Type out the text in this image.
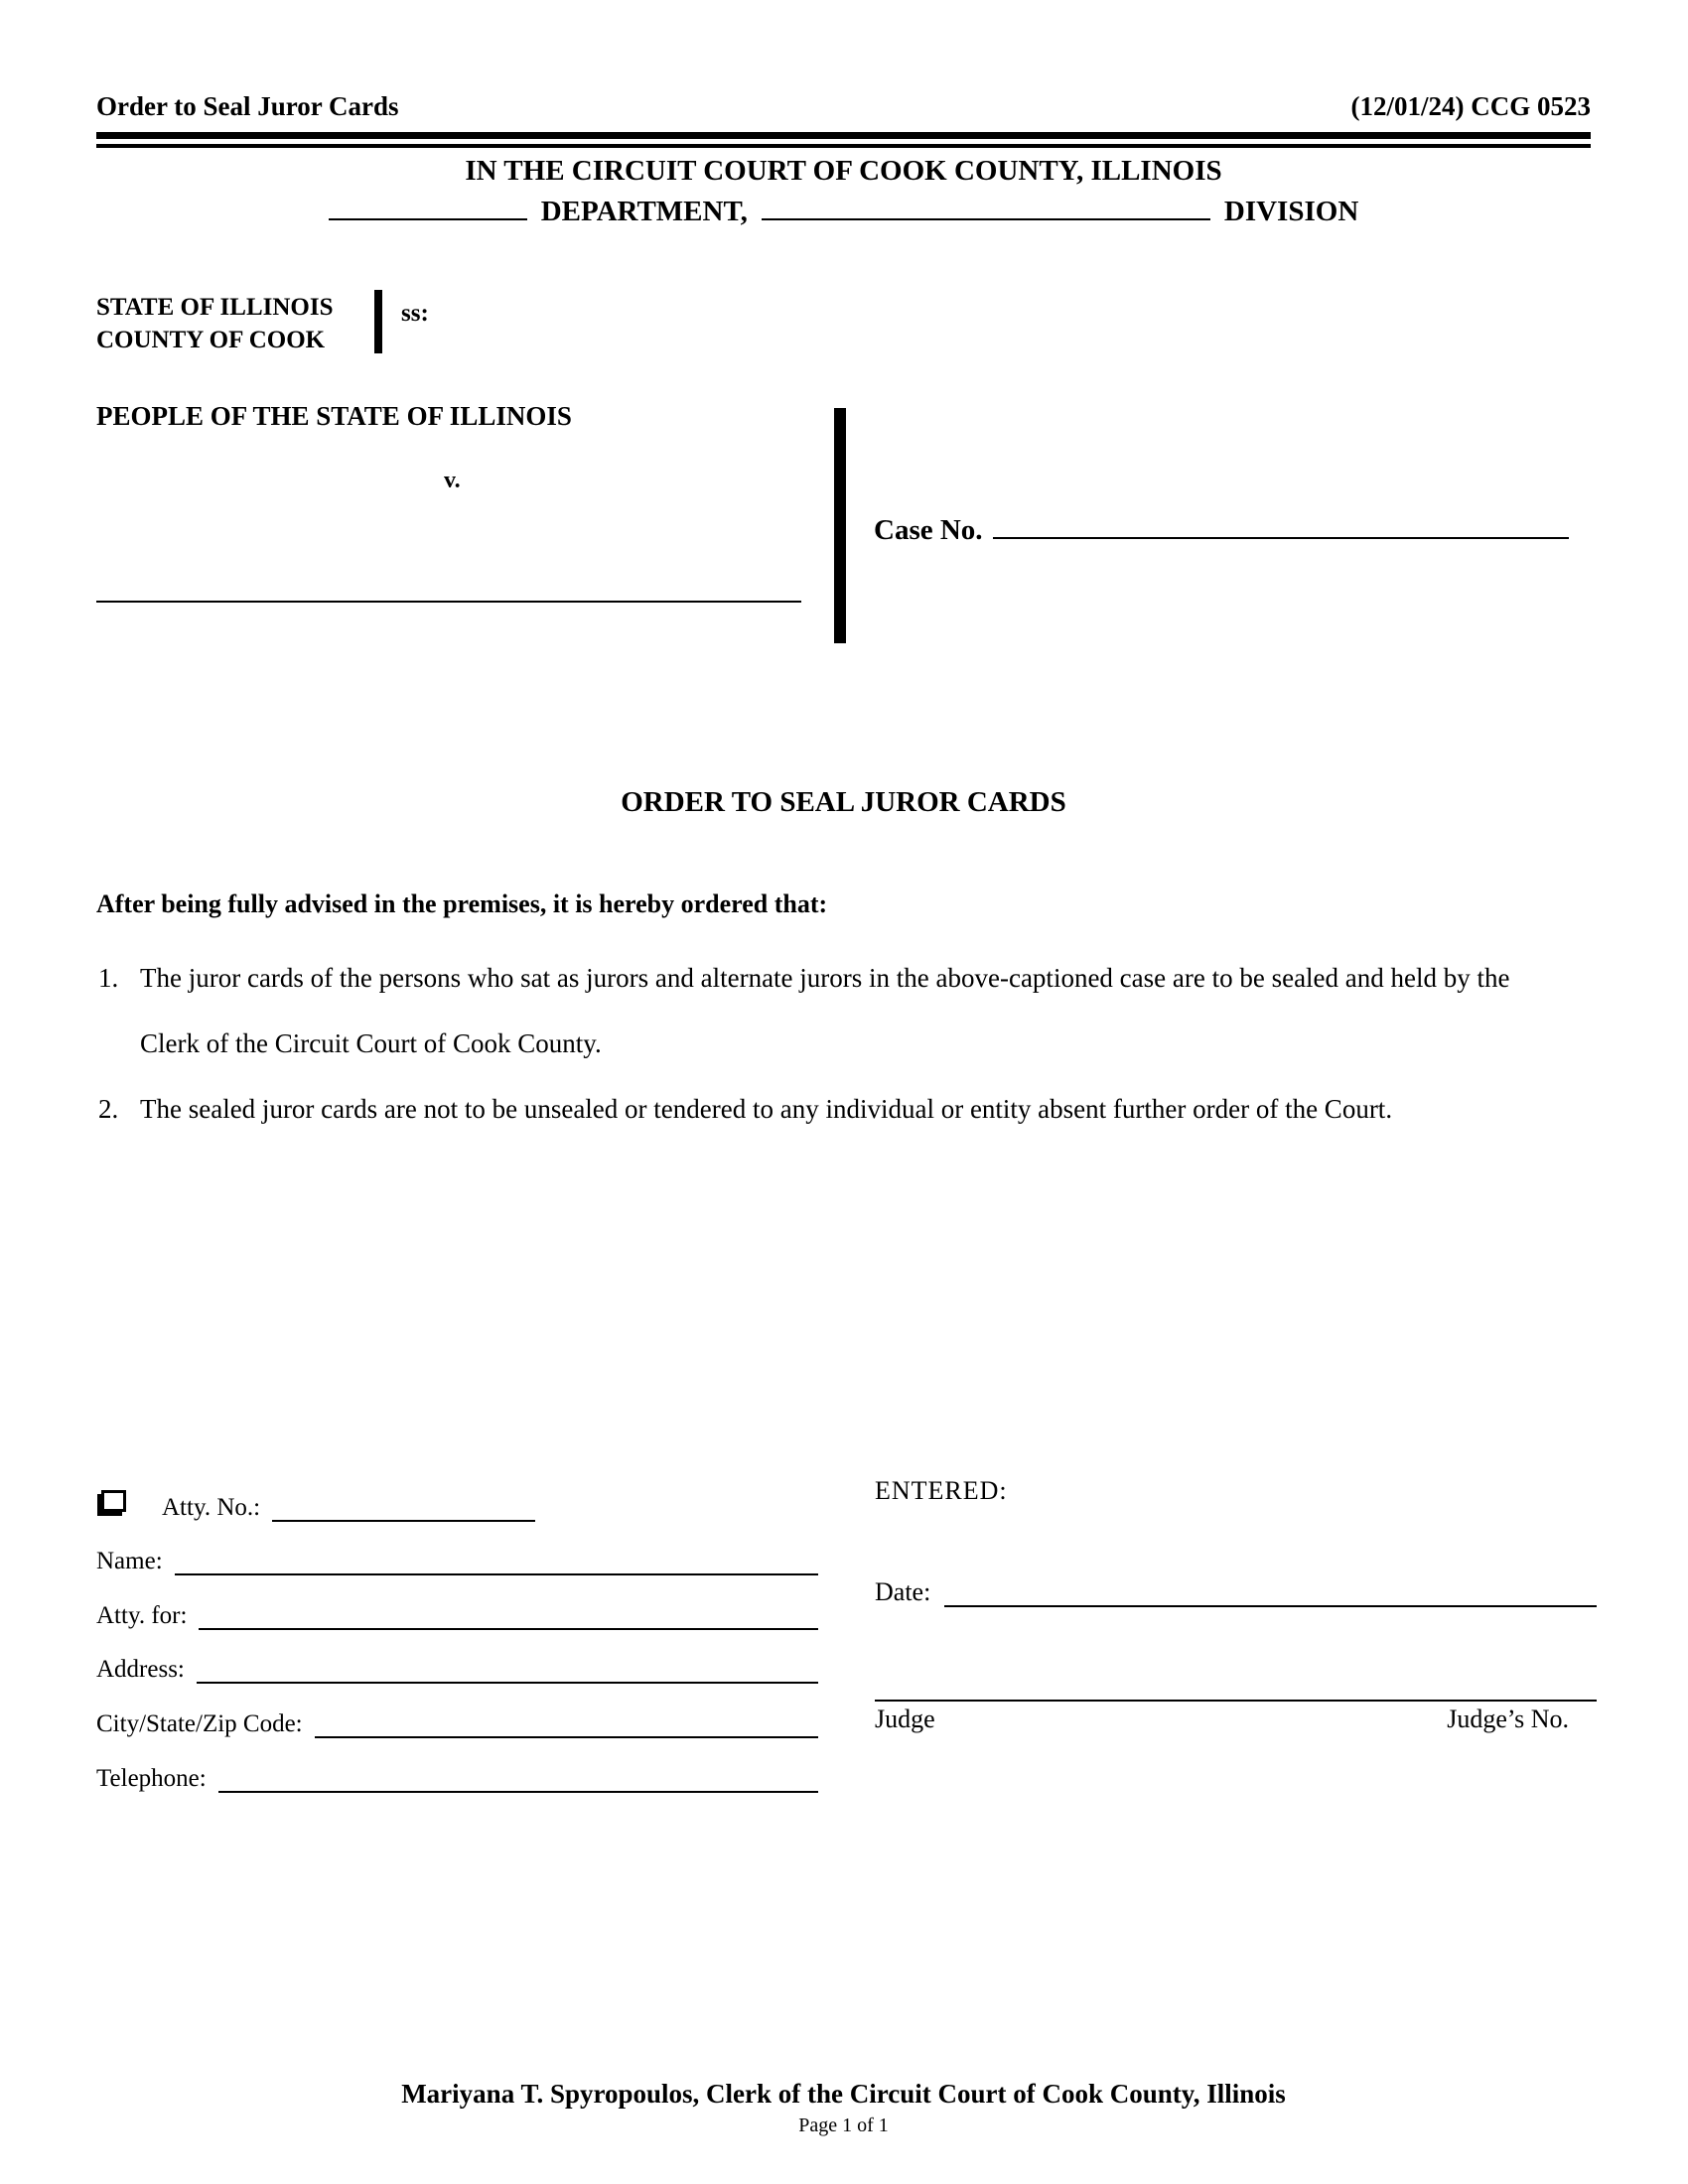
Order to Seal Juror Cards	(12/01/24) CCG 0523
IN THE CIRCUIT COURT OF COOK COUNTY, ILLINOIS
DEPARTMENT,	DIVISION
STATE OF ILLINOIS
COUNTY OF COOK
ss:
PEOPLE OF THE STATE OF ILLINOIS
v.
Case No.
ORDER TO SEAL JUROR CARDS
After being fully advised in the premises, it is hereby ordered that:
1. The juror cards of the persons who sat as jurors and alternate jurors in the above-captioned case are to be sealed and held by the Clerk of the Circuit Court of Cook County.
2. The sealed juror cards are not to be unsealed or tendered to any individual or entity absent further order of the Court.
Atty. No.:
Name:
Atty. for:
Address:
City/State/Zip Code:
Telephone:
ENTERED:
Date:
Judge	Judge’s No.
Mariyana T. Spyropoulos, Clerk of the Circuit Court of Cook County, Illinois
Page 1 of 1
